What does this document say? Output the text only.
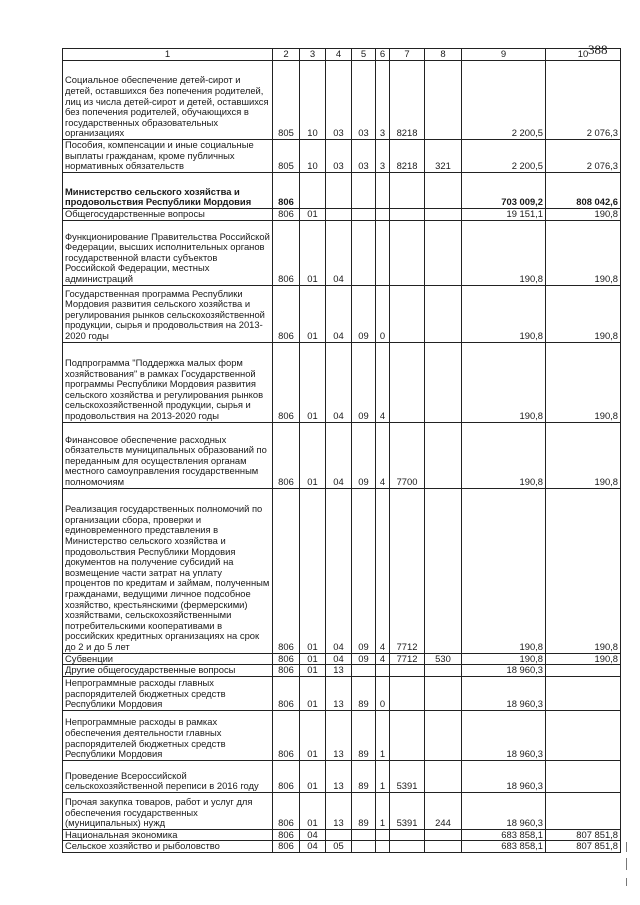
388
1	2	3	4	5	6	7	8	9	10
Социальное обеспечение детей-сирот и детей, оставшихся без попечения родителей, лиц из числа детей-сирот и детей, оставшихся без попечения родителей, обучающихся в государственных образовательных организациях	805	10	03	03	3	8218		2 200,5	2 076,3
Пособия, компенсации и иные социальные выплаты гражданам, кроме публичных нормативных обязательств	805	10	03	03	3	8218	321	2 200,5	2 076,3
Министерство сельского хозяйства и продовольствия Республики Мордовия	806							703 009,2	808 042,6
Общегосударственные вопросы	806	01						19 151,1	190,8
Функционирование Правительства Российской Федерации, высших исполнительных органов государственной власти субъектов Российской Федерации, местных администраций	806	01	04					190,8	190,8
Государственная программа Республики Мордовия развития сельского хозяйства и регулирования рынков сельскохозяйственной продукции, сырья и продовольствия на 2013-2020 годы	806	01	04	09	0			190,8	190,8
Подпрограмма "Поддержка малых форм хозяйствования" в рамках Государственной программы Республики Мордовия развития сельского хозяйства и регулирования рынков сельскохозяйственной продукции, сырья и продовольствия на 2013-2020 годы	806	01	04	09	4			190,8	190,8
Финансовое обеспечение расходных обязательств муниципальных образований по переданным для осуществления органам местного самоуправления государственным полномочиям	806	01	04	09	4	7700		190,8	190,8
Реализация государственных полномочий по организации сбора, проверки и единовременного представления в Министерство сельского хозяйства и продовольствия Республики Мордовия документов на получение субсидий на возмещение части затрат на уплату процентов по кредитам и займам, полученным гражданами, ведущими личное подсобное хозяйство, крестьянскими (фермерскими) хозяйствами, сельскохозяйственными потребительскими кооперативами в российских кредитных организациях на срок до 2 и до 5 лет	806	01	04	09	4	7712		190,8	190,8
Субвенции	806	01	04	09	4	7712	530	190,8	190,8
Другие общегосударственные вопросы	806	01	13					18 960,3	
Непрограммные расходы главных распорядителей бюджетных средств Республики Мордовия	806	01	13	89	0			18 960,3	
Непрограммные расходы в рамках обеспечения деятельности главных распорядителей бюджетных средств Республики Мордовия	806	01	13	89	1			18 960,3	
Проведение Всероссийской сельскохозяйственной переписи в 2016 году	806	01	13	89	1	5391		18 960,3	
Прочая закупка товаров, работ и услуг для обеспечения государственных (муниципальных) нужд	806	01	13	89	1	5391	244	18 960,3	
Национальная экономика	806	04						683 858,1	807 851,8
Сельское хозяйство и рыболовство	806	04	05					683 858,1	807 851,8
